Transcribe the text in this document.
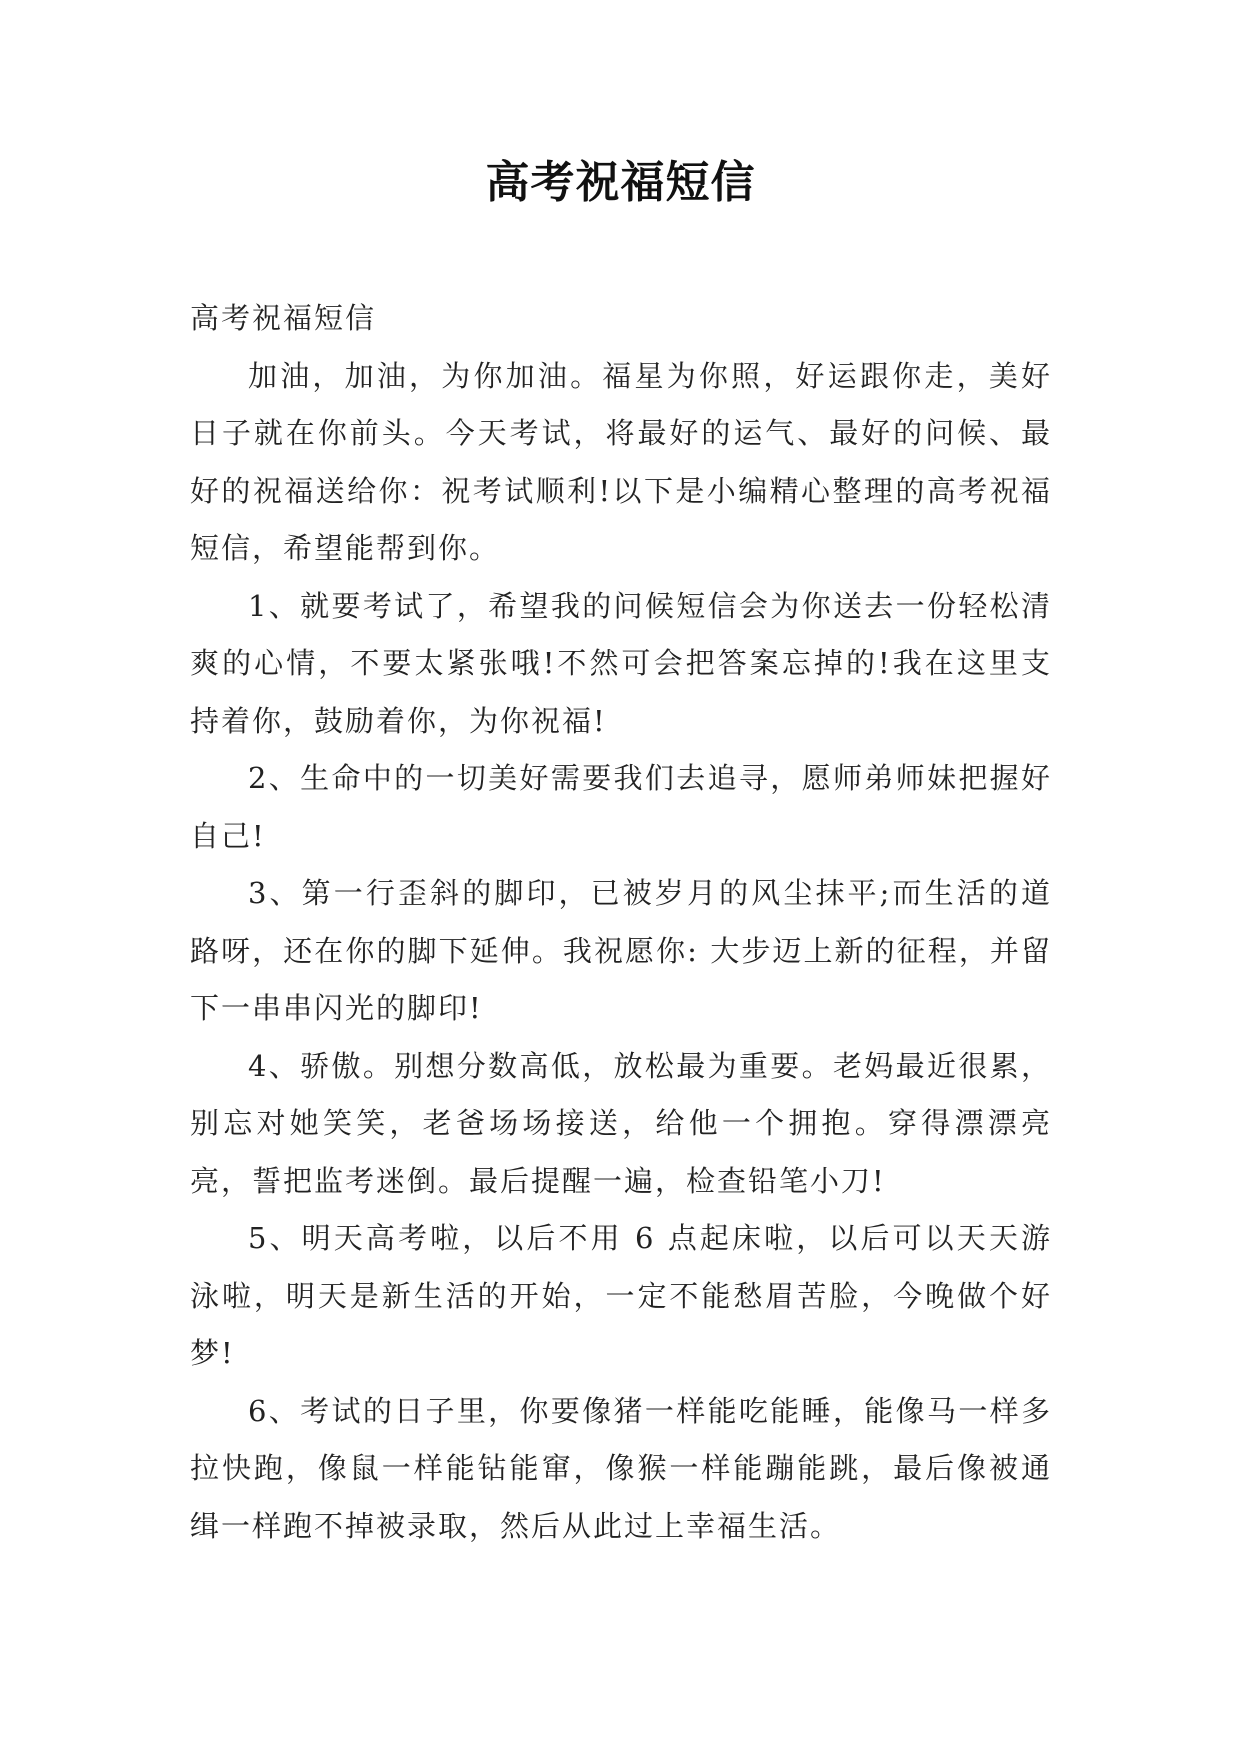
高考祝福短信

高考祝福短信

加油，加油，为你加油。福星为你照，好运跟你走，美好日子就在你前头。今天考试，将最好的运气、最好的问候、最好的祝福送给你：祝考试顺利!以下是小编精心整理的高考祝福短信，希望能帮到你。

1、就要考试了，希望我的问候短信会为你送去一份轻松清爽的心情，不要太紧张哦!不然可会把答案忘掉的!我在这里支持着你，鼓励着你，为你祝福!

2、生命中的一切美好需要我们去追寻，愿师弟师妹把握好自己!

3、第一行歪斜的脚印，已被岁月的风尘抹平;而生活的道路呀，还在你的脚下延伸。我祝愿你: 大步迈上新的征程，并留下一串串闪光的脚印!

4、骄傲。别想分数高低，放松最为重要。老妈最近很累，别忘对她笑笑，老爸场场接送，给他一个拥抱。穿得漂漂亮亮，誓把监考迷倒。最后提醒一遍，检查铅笔小刀!

5、明天高考啦，以后不用 6 点起床啦，以后可以天天游泳啦，明天是新生活的开始，一定不能愁眉苦脸，今晚做个好梦!

6、考试的日子里，你要像猪一样能吃能睡，能像马一样多拉快跑，像鼠一样能钻能窜，像猴一样能蹦能跳，最后像被通缉一样跑不掉被录取，然后从此过上幸福生活。
